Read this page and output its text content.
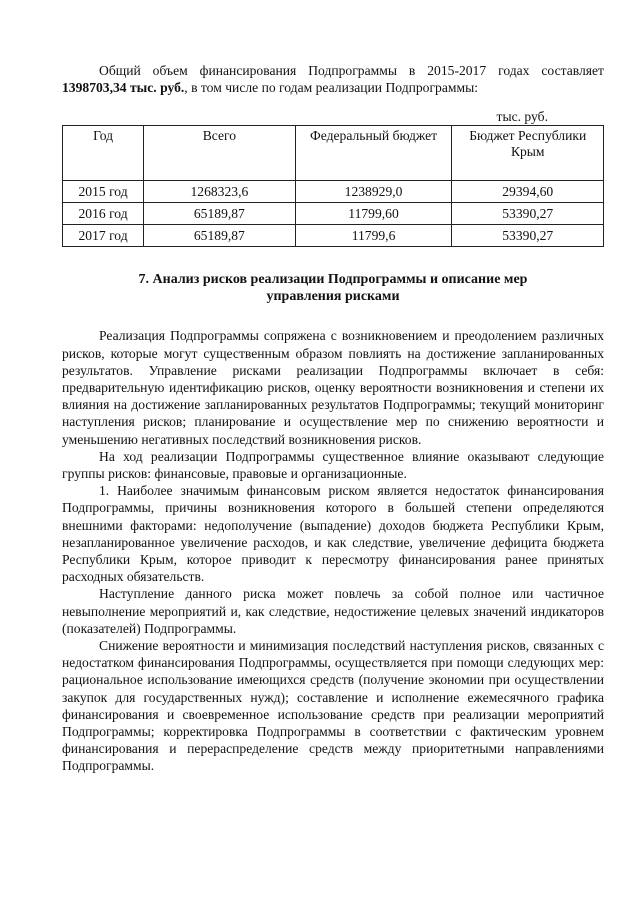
Общий объем финансирования Подпрограммы в 2015-2017 годах составляет 1398703,34 тыс. руб., в том числе по годам реализации Подпрограммы:

тыс. руб.
Год	Всего	Федеральный бюджет	Бюджет Республики Крым
2015 год	1268323,6	1238929,0	29394,60
2016 год	65189,87	11799,60	53390,27
2017 год	65189,87	11799,6	53390,27
7. Анализ рисков реализации Подпрограммы и описание мер управления рисками

Реализация Подпрограммы сопряжена с возникновением и преодолением различных рисков, которые могут существенным образом повлиять на достижение запланированных результатов. Управление рисками реализации Подпрограммы включает в себя: предварительную идентификацию рисков, оценку вероятности возникновения и степени их влияния на достижение запланированных результатов Подпрограммы; текущий мониторинг наступления рисков; планирование и осуществление мер по снижению вероятности и уменьшению негативных последствий возникновения рисков.

На ход реализации Подпрограммы существенное влияние оказывают следующие группы рисков: финансовые, правовые и организационные.

1. Наиболее значимым финансовым риском является недостаток финансирования Подпрограммы, причины возникновения которого в большей степени определяются внешними факторами: недополучение (выпадение) доходов бюджета Республики Крым, незапланированное увеличение расходов, и как следствие, увеличение дефицита бюджета Республики Крым, которое приводит к пересмотру финансирования ранее принятых расходных обязательств.

Наступление данного риска может повлечь за собой полное или частичное невыполнение мероприятий и, как следствие, недостижение целевых значений индикаторов (показателей) Подпрограммы.

Снижение вероятности и минимизация последствий наступления рисков, связанных с недостатком финансирования Подпрограммы, осуществляется при помощи следующих мер: рациональное использование имеющихся средств (получение экономии при осуществлении закупок для государственных нужд); составление и исполнение ежемесячного графика финансирования и своевременное использование средств при реализации мероприятий Подпрограммы; корректировка Подпрограммы в соответствии с фактическим уровнем финансирования и перераспределение средств между приоритетными направлениями Подпрограммы.
